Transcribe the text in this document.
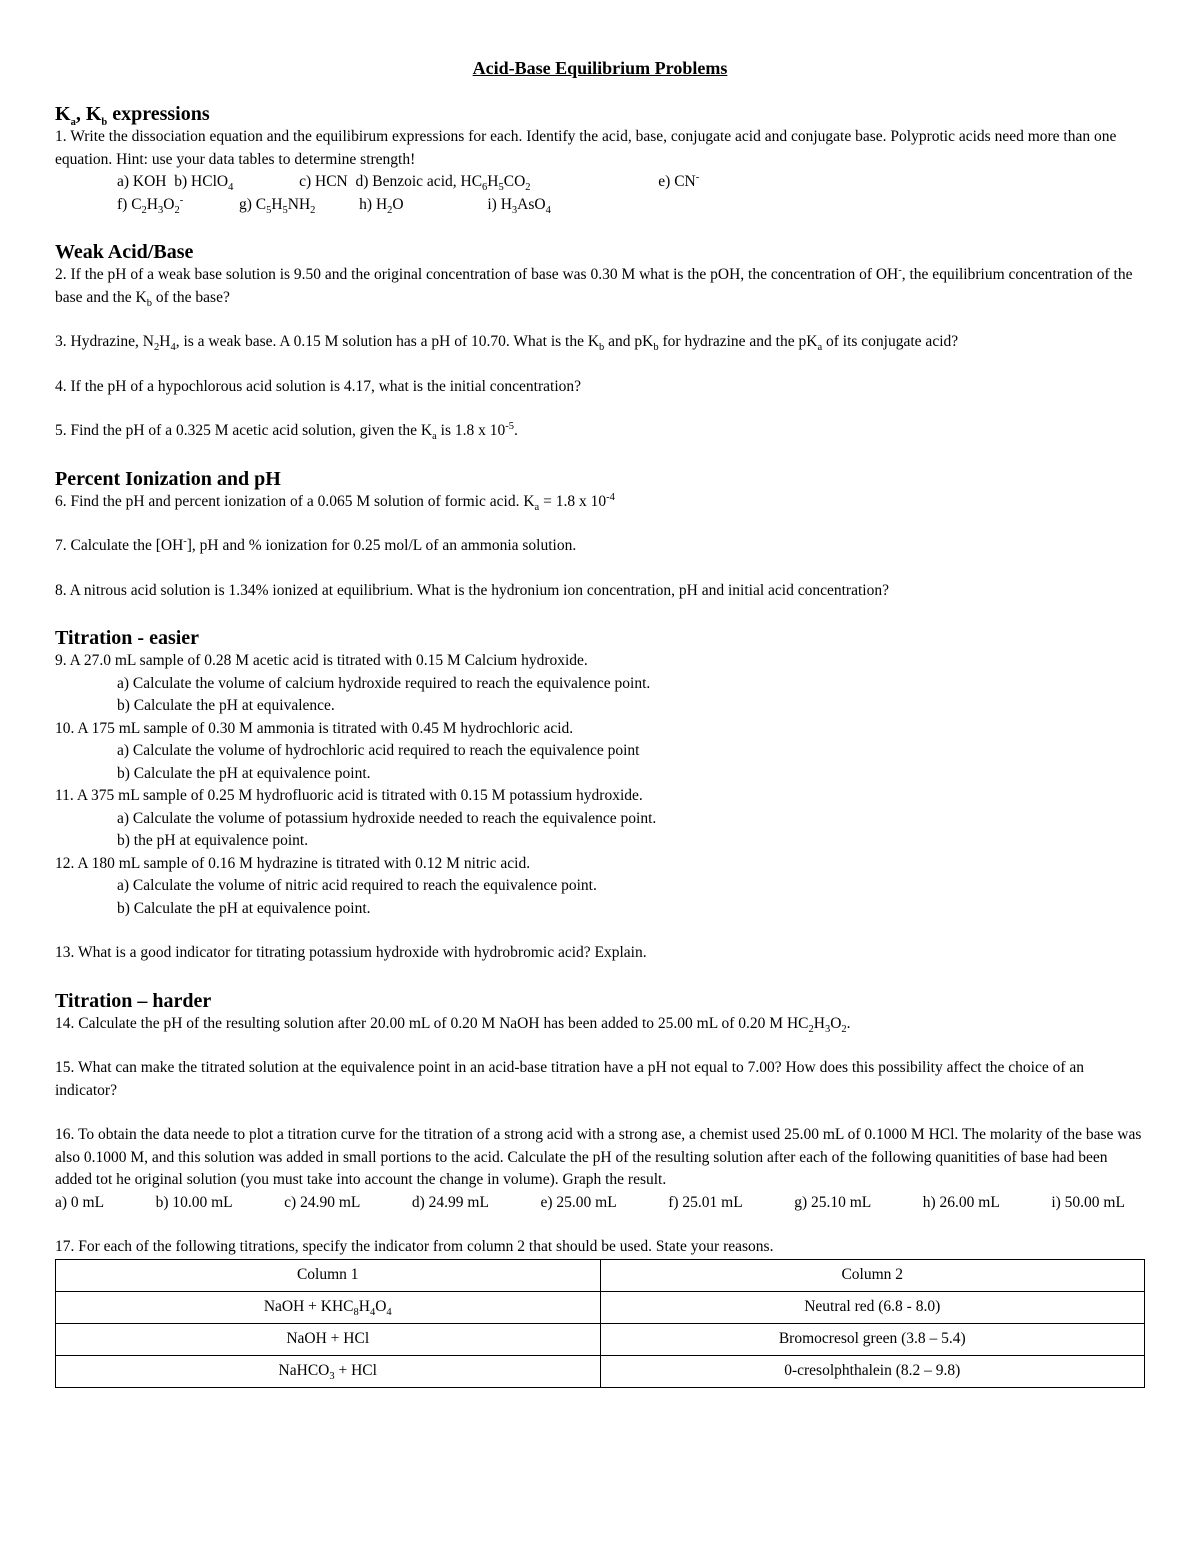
Acid-Base Equilibrium Problems
$K_a$, $K_b$ expressions

1. Write the dissociation equation and the equilibirum expressions for each. Identify the acid, base, conjugate acid and conjugate base. Polyprotic acids need more than one equation. Hint: use your data tables to determine strength!

a) KOH b) HClO$_4$	c) HCN d) Benzoic acid, $HC_6H_5CO_2$	e) CN-

f) $C_2H_3O_2^-$	g) $C_5H_5NH_2$	h) $H_2O$	i) $H_3AsO_4$

Weak Acid/Base

2. If the pH of a weak base solution is 9.50 and the original concentration of base was 0.30 M what is the pOH, the concentration of OH-, the equilibrium concentration of the base and the $K_b$ of the base?

3. Hydrazine, $N_2H_4$, is a weak base. A 0.15 M solution has a pH of 10.70. What is the $K_b$ and $pK_b$ for hydrazine and the $pK_a$ of its conjugate acid?

4. If the pH of a hypochlorous acid solution is 4.17, what is the initial concentration?

5. Find the pH of a 0.325 M acetic acid solution, given the $K_a$ is 1.8 x $10^{-5}$.

Percent Ionization and pH

6. Find the pH and percent ionization of a 0.065 M solution of formic acid. $K_a = 1.8$ x $10^{-4}$

7. Calculate the [OH-], pH and % ionization for 0.25 mol/L of an ammonia solution.

8. A nitrous acid solution is 1.34% ionized at equilibrium. What is the hydronium ion concentration, pH and initial acid concentration?

Titration - easier

9. A 27.0 mL sample of 0.28 M acetic acid is titrated with 0.15 M Calcium hydroxide.

a) Calculate the volume of calcium hydroxide required to reach the equivalence point.

b) Calculate the pH at equivalence.

10. A 175 mL sample of 0.30 M ammonia is titrated with 0.45 M hydrochloric acid.

a) Calculate the volume of hydrochloric acid required to reach the equivalence point

b) Calculate the pH at equivalence point.

11. A 375 mL sample of 0.25 M hydrofluoric acid is titrated with 0.15 M potassium hydroxide.

a) Calculate the volume of potassium hydroxide needed to reach the equivalence point.

b) the pH at equivalence point.

12. A 180 mL sample of 0.16 M hydrazine is titrated with 0.12 M nitric acid.

a) Calculate the volume of nitric acid required to reach the equivalence point.

b) Calculate the pH at equivalence point.

13. What is a good indicator for titrating potassium hydroxide with hydrobromic acid? Explain.

Titration – harder

14. Calculate the pH of the resulting solution after 20.00 mL of 0.20 M NaOH has been added to 25.00 mL of 0.20 M $HC_2H_3O_2$.

15. What can make the titrated solution at the equivalence point in an acid-base titration have a pH not equal to 7.00? How does this possibility affect the choice of an indicator?

16. To obtain the data neede to plot a titration curve for the titration of a strong acid with a strong ase, a chemist used 25.00 mL of 0.1000 M HCl. The molarity of the base was also 0.1000 M, and this solution was added in small portions to the acid. Calculate the pH of the resulting solution after each of the following quanitities of base had been added tot he original solution (you must take into account the change in volume). Graph the result.

a) 0 mL	b) 10.00 mL	c) 24.90 mL	d) 24.99 mL	e) 25.00 mL	f) 25.01 mL	g) 25.10 mL	h) 26.00 mL	i) 50.00 mL

17. For each of the following titrations, specify the indicator from column 2 that should be used. State your reasons.

Column 1	Column 2
NaOH + $KHC_8H_4O_4$	Neutral red (6.8 - 8.0)
NaOH + HCl	Bromocresol green (3.8 – 5.4)
NaHCO$_3$ + HCl	0-cresolphthalein (8.2 – 9.8)
